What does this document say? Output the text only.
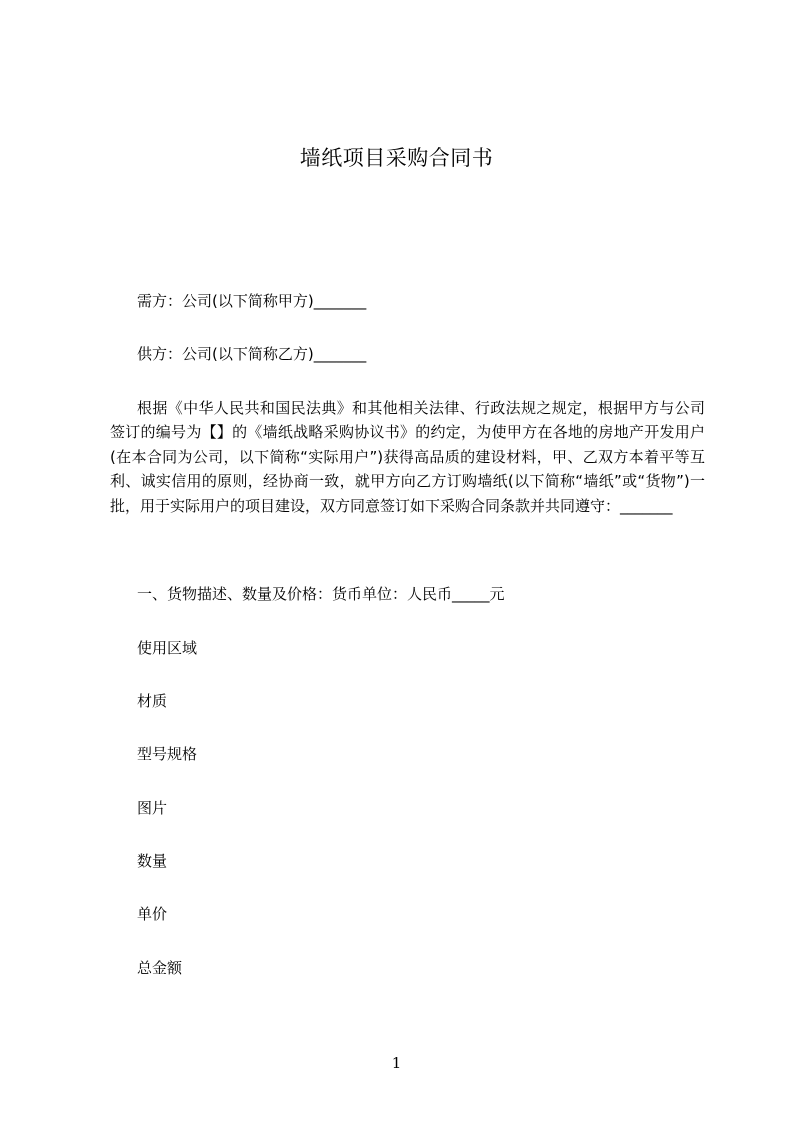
墙纸项目采购合同书
需方：公司(以下简称甲方)_______
供方：公司(以下简称乙方)_______
根据《中华人民共和国民法典》和其他相关法律、行政法规之规定，根据甲方与公司签订的编号为【】的《墙纸战略采购协议书》的约定，为使甲方在各地的房地产开发用户(在本合同为公司，以下简称“实际用户”)获得高品质的建设材料，甲、乙双方本着平等互利、诚实信用的原则，经协商一致，就甲方向乙方订购墙纸(以下简称“墙纸”或“货物”)一批，用于实际用户的项目建设，双方同意签订如下采购合同条款并共同遵守：_______
一、货物描述、数量及价格：货币单位：人民币_____元
使用区域
材质
型号规格
图片
数量
单价
总金额
1
